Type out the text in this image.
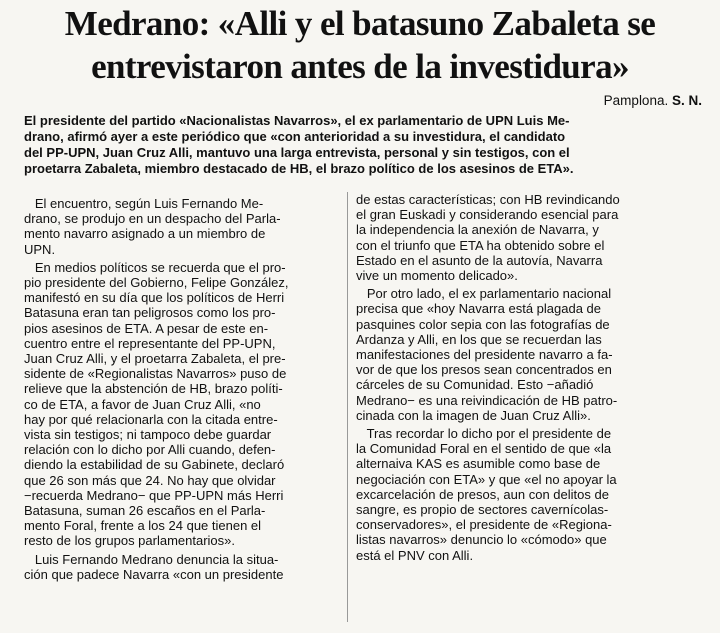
Medrano: «Alli y el batasuno Zabaleta se
entrevistaron antes de la investidura»
Pamplona. S. N.
El presidente del partido «Nacionalistas Navarros», el ex parlamentario de UPN Luis Me-
drano, afirmó ayer a este periódico que «con anterioridad a su investidura, el candidato
del PP-UPN, Juan Cruz Alli, mantuvo una larga entrevista, personal y sin testigos, con el
proetarra Zabaleta, miembro destacado de HB, el brazo político de los asesinos de ETA».
El encuentro, según Luis Fernando Me-
drano, se produjo en un despacho del Parla-
mento navarro asignado a un miembro de
UPN.
En medios políticos se recuerda que el pro-
pio presidente del Gobierno, Felipe González,
manifestó en su día que los políticos de Herri
Batasuna eran tan peligrosos como los pro-
pios asesinos de ETA. A pesar de este en-
cuentro entre el representante del PP-UPN,
Juan Cruz Alli, y el proetarra Zabaleta, el pre-
sidente de «Regionalistas Navarros» puso de
relieve que la abstención de HB, brazo políti-
co de ETA, a favor de Juan Cruz Alli, «no
hay por qué relacionarla con la citada entre-
vista sin testigos; ni tampoco debe guardar
relación con lo dicho por Alli cuando, defen-
diendo la estabilidad de su Gabinete, declaró
que 26 son más que 24. No hay que olvidar
−recuerda Medrano− que PP-UPN más Herri
Batasuna, suman 26 escaños en el Parla-
mento Foral, frente a los 24 que tienen el
resto de los grupos parlamentarios».
Luis Fernando Medrano denuncia la situa-
ción que padece Navarra «con un presidente
de estas características; con HB revindicando
el gran Euskadi y considerando esencial para
la independencia la anexión de Navarra, y
con el triunfo que ETA ha obtenido sobre el
Estado en el asunto de la autovía, Navarra
vive un momento delicado».
Por otro lado, el ex parlamentario nacional
precisa que «hoy Navarra está plagada de
pasquines color sepia con las fotografías de
Ardanza y Alli, en los que se recuerdan las
manifestaciones del presidente navarro a fa-
vor de que los presos sean concentrados en
cárceles de su Comunidad. Esto −añadió
Medrano− es una reivindicación de HB patro-
cinada con la imagen de Juan Cruz Alli».
Tras recordar lo dicho por el presidente de
la Comunidad Foral en el sentido de que «la
alternaiva KAS es asumible como base de
negociación con ETA» y que «el no apoyar la
excarcelación de presos, aun con delitos de
sangre, es propio de sectores cavernícolas-
conservadores», el presidente de «Regiona-
listas navarros» denuncio lo «cómodo» que
está el PNV con Alli.
